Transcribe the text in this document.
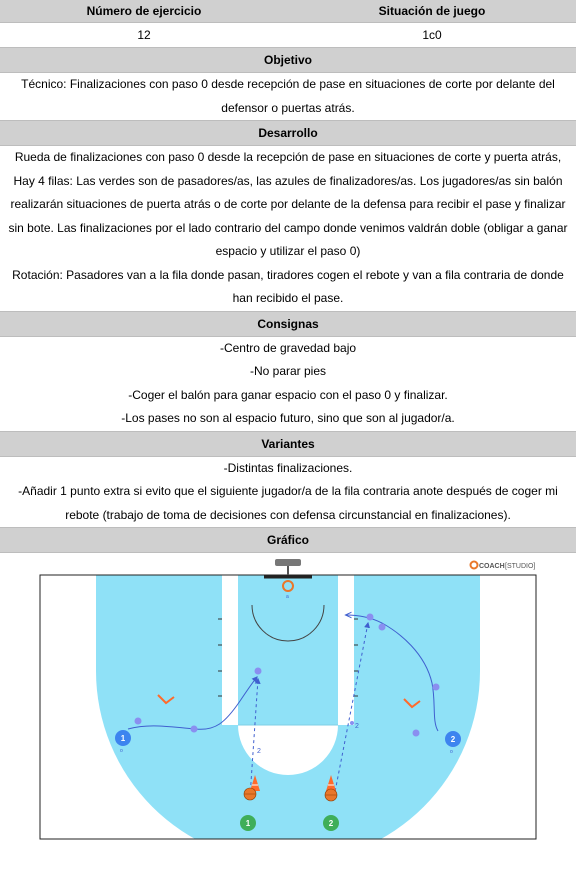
Número de ejercicio	Situación de juego
12	1c0
Objetivo

Técnico: Finalizaciones con paso 0 desde recepción de pase en situaciones de corte por delante del defensor o puertas atrás.

Desarrollo

Rueda de finalizaciones con paso 0 desde la recepción de pase en situaciones de corte y puerta atrás, Hay 4 filas: Las verdes son de pasadores/as, las azules de finalizadores/as. Los jugadores/as sin balón realizarán situaciones de puerta atrás o de corte por delante de la defensa para recibir el pase y finalizar sin bote. Las finalizaciones por el lado contrario del campo donde venimos valdrán doble (obligar a ganar espacio y utilizar el paso 0)

Rotación: Pasadores van a la fila donde pasan, tiradores cogen el rebote y van a fila contraria de donde han recibido el pase.

Consignas

-Centro de gravedad bajo

-No parar pies

-Coger el balón para ganar espacio con el paso 0 y finalizar.

-Los pases no son al espacio futuro, sino que son al jugador/a.

Variantes

-Distintas finalizaciones.

-Añadir 1 punto extra si evito que el siguiente jugador/a de la fila contraria anote después de coger mi rebote (trabajo de toma de decisiones con defensa circunstancial en finalizaciones).

Gráfico
a
COACH [STUDIO]
2
2
1
o
2
o
1	2
